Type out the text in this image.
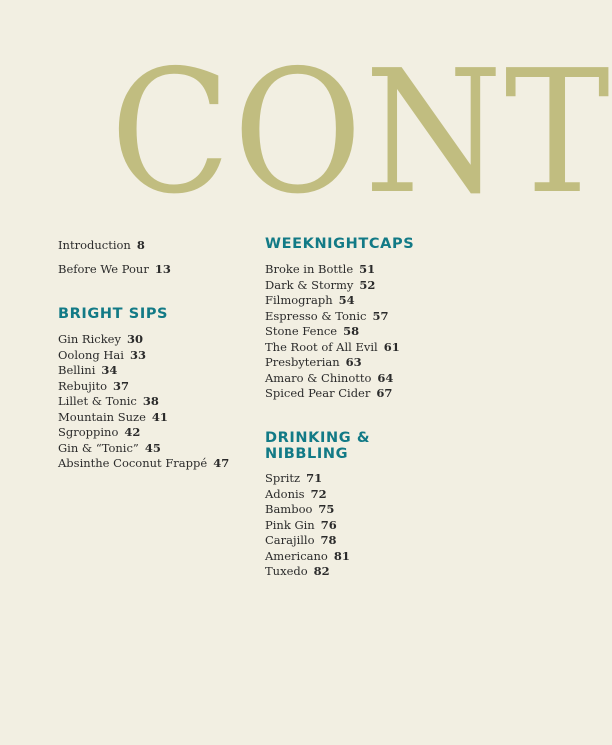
CONT
Introduction 8
Before We Pour 13
BRIGHT SIPS
Gin Rickey 30
Oolong Hai 33
Bellini 34
Rebujito 37
Lillet & Tonic 38
Mountain Suze 41
Sgroppino 42
Gin & “Tonic” 45
Absinthe Coconut Frappé 47
WEEKNIGHTCAPS
Broke in Bottle 51
Dark & Stormy 52
Filmograph 54
Espresso & Tonic 57
Stone Fence 58
The Root of All Evil 61
Presbyterian 63
Amaro & Chinotto 64
Spiced Pear Cider 67
DRINKING &
NIBBLING
Spritz 71
Adonis 72
Bamboo 75
Pink Gin 76
Carajillo 78
Americano 81
Tuxedo 82
